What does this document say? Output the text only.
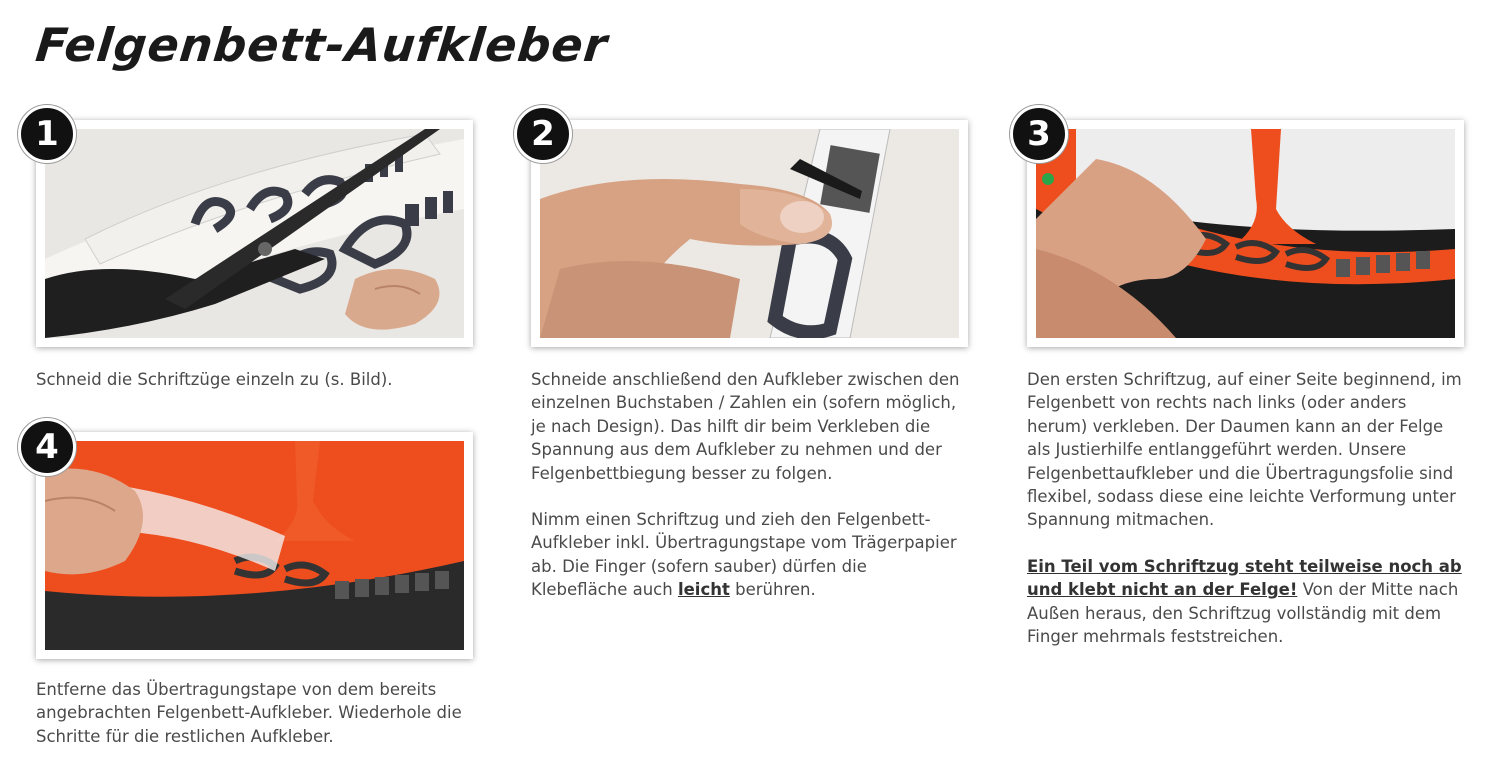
Felgenbett-Aufkleber
1	2	3
4

Schneid die Schriftzüge einzeln zu (s. Bild).	Schneide anschließend den Aufkleber zwischen den einzelnen Buchstaben / Zahlen ein (sofern möglich, je nach Design). Das hilft dir beim Verkleben die Spannung aus dem Aufkleber zu nehmen und der Felgenbettbiegung besser zu folgen.

Nimm einen Schriftzug und zieh den Felgenbett-Aufkleber inkl. Übertragungstape vom Trägerpapier ab. Die Finger (sofern sauber) dürfen die Klebefläche auch leicht berühren.

Den ersten Schriftzug, auf einer Seite beginnend, im Felgenbett von rechts nach links (oder anders herum) verkleben. Der Daumen kann an der Felge als Justierhilfe entlanggeführt werden. Unsere Felgenbettaufkleber und die Übertragungsfolie sind flexibel, sodass diese eine leichte Verformung unter Spannung mitmachen.

Ein Teil vom Schriftzug steht teilweise noch ab und klebt nicht an der Felge! Von der Mitte nach Außen heraus, den Schriftzug vollständig mit dem Finger mehrmals feststreichen.

Entferne das Übertragungstape von dem bereits angebrachten Felgenbett-Aufkleber. Wiederhole die Schritte für die restlichen Aufkleber.
